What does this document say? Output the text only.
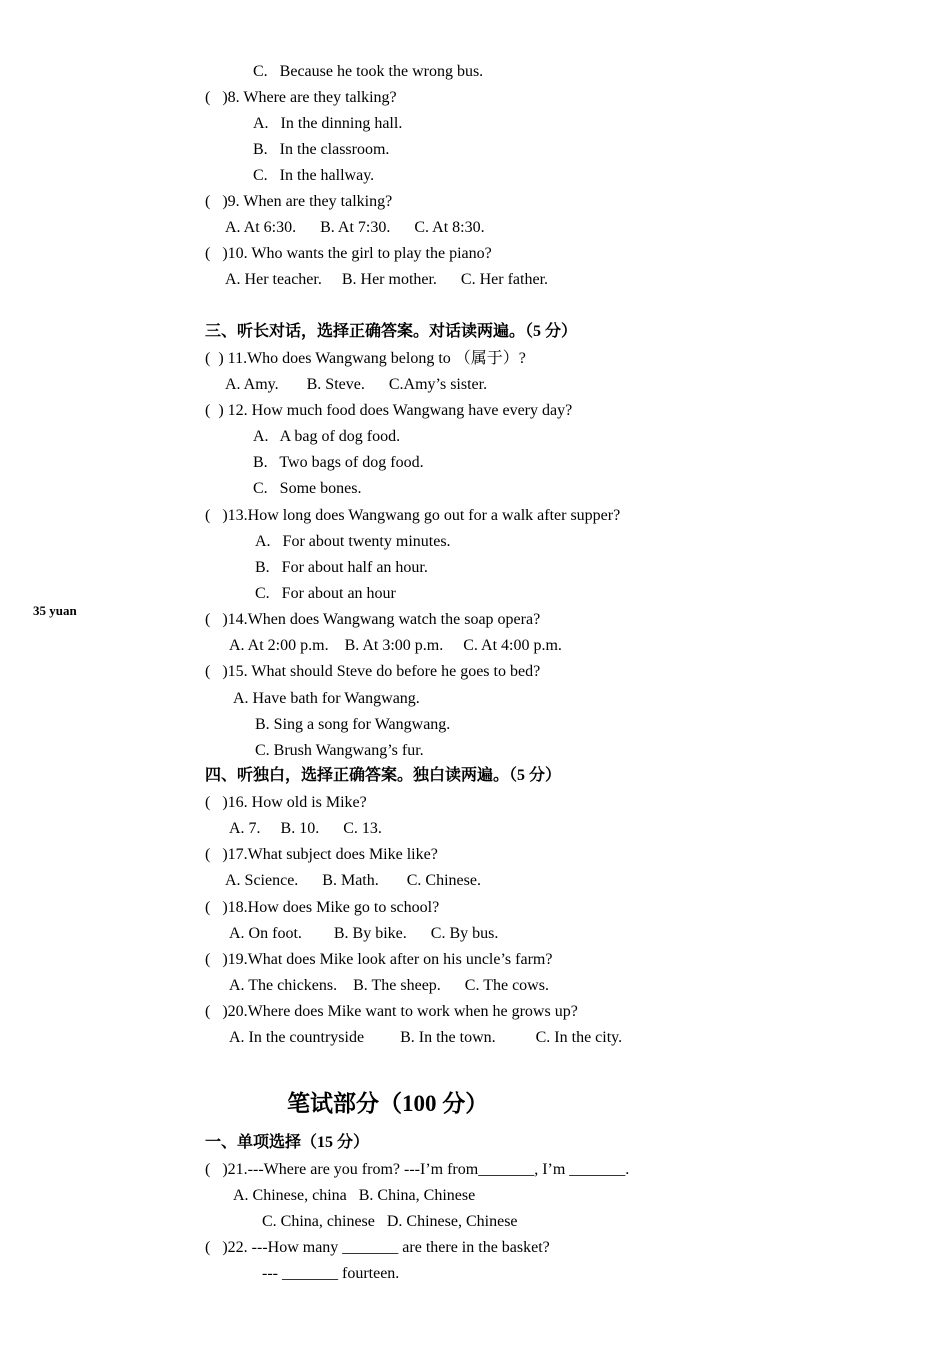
35 yuan
C.   Because he took the wrong bus.
(   )8. Where are they talking?
A.   In the dinning hall.
B.   In the classroom.
C.   In the hallway.
(   )9. When are they talking?
A. At 6:30.      B. At 7:30.      C. At 8:30.
(   )10. Who wants the girl to play the piano?
A. Her teacher.     B. Her mother.      C. Her father.
三、听长对话，选择正确答案。对话读两遍。（5 分）
(  ) 11.Who does Wangwang belong to （属于）?
A. Amy.       B. Steve.      C.Amy’s sister.
(  ) 12. How much food does Wangwang have every day?
A.   A bag of dog food.
B.   Two bags of dog food.
C.   Some bones.
(   )13.How long does Wangwang go out for a walk after supper?
A.   For about twenty minutes.
B.   For about half an hour.
C.   For about an hour
(   )14.When does Wangwang watch the soap opera?
A. At 2:00 p.m.    B. At 3:00 p.m.     C. At 4:00 p.m.
(   )15. What should Steve do before he goes to bed?
A. Have bath for Wangwang.
B. Sing a song for Wangwang.
C. Brush Wangwang’s fur.
四、听独白，选择正确答案。独白读两遍。（5 分）
(   )16. How old is Mike?
A. 7.     B. 10.      C. 13.
(   )17.What subject does Mike like?
A. Science.      B. Math.       C. Chinese.
(   )18.How does Mike go to school?
A. On foot.        B. By bike.      C. By bus.
(   )19.What does Mike look after on his uncle’s farm?
A. The chickens.    B. The sheep.      C. The cows.
(   )20.Where does Mike want to work when he grows up?
A. In the countryside         B. In the town.          C. In the city.
笔试部分（100 分）
一、单项选择（15 分）
(   )21.---Where are you from? ---I’m from_______, I’m _______.
A. Chinese, china   B. China, Chinese
C. China, chinese   D. Chinese, Chinese
(   )22. ---How many _______ are there in the basket?
--- _______ fourteen.
